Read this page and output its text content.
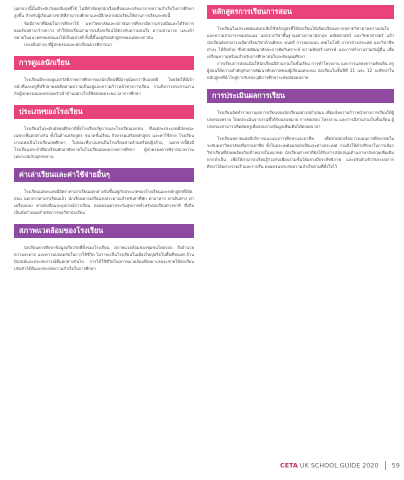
นอกจากนี้นั้นมีระดับวัดผลสัมฤทธิ์ได้ ไม่มีหัวข้อทุกนักเรียนที่จบและกลับมาจากความสำเร็จในการศึกษาสูงขึ้น สำหรับผู้เรียนต่างชาติที่สามารถศึกษาและมีอีกหลายนักเรียนให้ผ่านการเรียนระดับนี้

ข้อมีสาขาที่นิยมในการศึกษาได้ มหาวิทยาลัยและสถาบันการศึกษามีความร่วมมือและได้รับการยอมรับอย่างกว้างขวาง ทำให้นักเรียนสามารถเลือกเรียนได้ตรงกับความสนใจ ความสามารถ และเป้าหมายในอนาคตของตนเองได้เป็นอย่างดี ทั้งนี้ขึ้นอยู่กับหลักสูตรของแต่ละสถาบัน

ประเด็นต่างๆ ที่ผู้ปกครองและนักเรียนควรพิจารณา

การดูแลนักเรียน

โรงเรียนมีระบบดูแลสวัสดิภาพการศึกษาของนักเรียนที่มีอายุน้อยกว่าสิบแปดปี โดยจัดให้มีเจ้าหน้าที่และครูที่ปรึกษาคอยติดตามความเป็นอยู่และความก้าวหน้าทางการเรียน รวมถึงการประสานงานกับผู้ปกครองและครอบครัวเจ้าบ้านอย่างใกล้ชิดตลอดระยะเวลาการศึกษา

ประเภทของโรงเรียน

โรงเรียนในระดับมัธยมศึกษามีทั้งโรงเรียนรัฐบาลและโรงเรียนเอกชน ซึ่งแต่ละประเภทมีลักษณะเฉพาะที่แตกต่างกัน ทั้งในด้านหลักสูตร ขนาดชั้นเรียน กิจกรรมเสริมหลักสูตร และค่าใช้จ่าย โรงเรียนบางแห่งเป็นโรงเรียนสหศึกษา ในขณะที่บางแห่งเป็นโรงเรียนชายล้วนหรือหญิงล้วน นอกจากนี้ยังมีโรงเรียนประจำที่นักเรียนพักอาศัยภายในโรงเรียนตลอดภาคการศึกษา ผู้ปกครองควรพิจารณาความเหมาะสมกับบุตรหลาน

ค่าเล่าเรียนและค่าใช้จ่ายอื่นๆ

โรงเรียนแต่ละแห่งมีอัตราค่าเล่าเรียนแตกต่างกันขึ้นอยู่กับประเภทของโรงเรียนและหลักสูตรที่เปิดสอน นอกจากค่าเล่าเรียนแล้ว นักเรียนควรเตรียมงบประมาณสำหรับค่าที่พัก ค่าอาหาร ค่าเดินทาง ค่าเครื่องแบบ ค่าหนังสือและอุปกรณ์การเรียน ตลอดจนค่าประกันสุขภาพสำหรับนักเรียนต่างชาติ ซึ่งถือเป็นข้อกำหนดสำหรับการขอวีซ่านักเรียน

สภาพแวดล้อมของโรงเรียน

นักเรียนควรศึกษาข้อมูลเกี่ยวกับที่ตั้งของโรงเรียน สภาพแวดล้อมของชุมชนโดยรอบ สิ่งอำนวยความสะดวก และความปลอดภัยในการใช้ชีวิต ไม่ว่าจะเป็นโรงเรียนในเมืองใหญ่หรือในพื้นที่ชนบท ล้วนมีเสน่ห์และประสบการณ์ที่แตกต่างกันไป การได้ใช้ชีวิตในสภาพแวดล้อมที่เหมาะสมจะช่วยให้นักเรียนปรับตัวได้ดีและประสบความสำเร็จในการศึกษา

หลักสูตรการเรียนการสอน

โรงเรียนในประเทศออสเตรเลียใช้หลักสูตรที่ให้นักเรียนได้เลือกเรียนหลากหลายวิชาตามความสนใจและความสามารถของตนเอง นอกจากวิชาพื้นฐานอย่างภาษาอังกฤษ คณิตศาสตร์ และวิทยาศาสตร์ แล้ว นักเรียนยังสามารถเลือกเรียนวิชาด้านศิลปะ ดนตรี การออกแบบ เทคโนโลยี ภาษาต่างประเทศ และวิชาชีพต่างๆ ได้อีกด้วย ซึ่งช่วยพัฒนาทักษะการคิดวิเคราะห์ ความคิดสร้างสรรค์ และการทำงานร่วมกับผู้อื่น เพื่อเตรียมความพร้อมสำหรับการศึกษาต่อในระดับอุดมศึกษา

การเรียนการสอนเน้นให้นักเรียนมีส่วนร่วมในชั้นเรียน การทำโครงงาน และการแสดงความคิดเห็น ครูผู้สอนให้ความสำคัญกับการพัฒนาศักยภาพของผู้เรียนแต่ละคน นักเรียนในชั้นปีที่ 11 และ 12 จะศึกษาในหลักสูตรที่นำไปสู่การรับรองวุฒิการศึกษาระดับมัธยมปลาย

การประเมินผลการเรียน

โรงเรียนจัดทำรายงานผลการเรียนของนักเรียนอย่างสม่ำเสมอ เพื่อแจ้งความก้าวหน้าทางการเรียนให้ผู้ปกครองทราบ โดยประเมินจากงานที่ได้รับมอบหมาย การทดสอบ โครงงาน และการมีส่วนร่วมในชั้นเรียน ผู้ปกครองสามารถติดต่อครูเพื่อสอบถามข้อมูลเพิ่มเติมได้ตลอดเวลา

โรงเรียนหลายแห่งมีบริการแนะแนวการศึกษาและอาชีพ เพื่อช่วยนักเรียนวางแผนการศึกษาต่อในระดับมหาวิทยาลัยหรือสายอาชีพ ทั้งในประเทศออสเตรเลียและต่างประเทศ รวมถึงให้คำปรึกษาในการเลือกวิชาเรียนที่สอดคล้องกับเป้าหมายในอนาคต นักเรียนต่างชาติยังได้รับการสนับสนุนด้านภาษาอังกฤษเพิ่มเติมหากจำเป็น เพื่อให้สามารถเรียนรู้ร่วมกับเพื่อนร่วมชั้นได้อย่างมีประสิทธิภาพ และปรับตัวเข้ากับระบบการศึกษาได้อย่างรวดเร็วและราบรื่น ตลอดจนประสบความสำเร็จตามที่ตั้งใจไว้

CETA UK SCHOOL GUIDE 2020 59
